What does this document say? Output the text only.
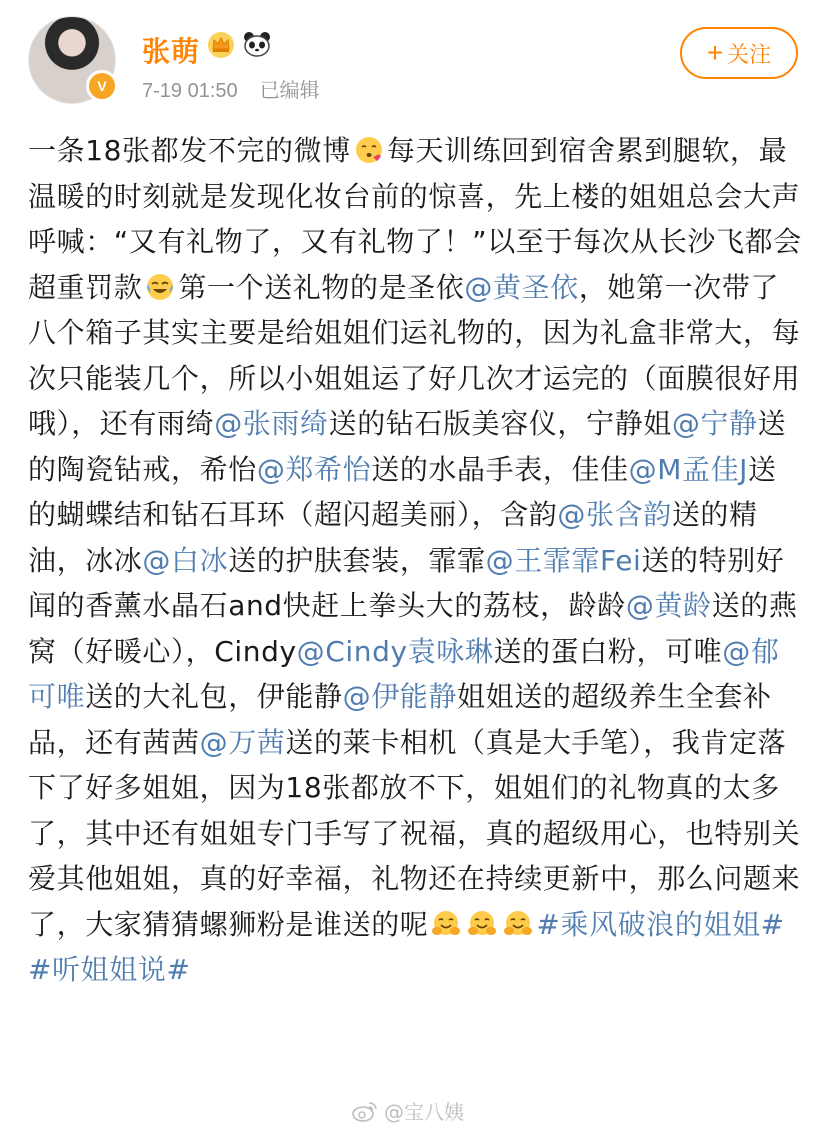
V
张萌
7-19 01:50 已编辑
+ 关注
一条18张都发不完的微博 每天训练回到宿舍累到腿软，最温暖的时刻就是发现化妆台前的惊喜，先上楼的姐姐总会大声呼喊：“又有礼物了，又有礼物了！”以至于每次从长沙飞都会超重罚款 第一个送礼物的是圣依@黄圣依，她第一次带了八个箱子其实主要是给姐姐们运礼物的，因为礼盒非常大，每次只能装几个，所以小姐姐运了好几次才运完的（面膜很好用哦），还有雨绮@张雨绮送的钻石版美容仪，宁静姐@宁静送的陶瓷钻戒，希怡@郑希怡送的水晶手表，佳佳@M孟佳J送的蝴蝶结和钻石耳环（超闪超美丽），含韵@张含韵送的精油，冰冰@白冰送的护肤套装，霏霏@王霏霏Fei送的特别好闻的香薰水晶石and快赶上拳头大的荔枝，龄龄@黄龄送的燕窝（好暖心），Cindy@Cindy袁咏琳送的蛋白粉，可唯@郁可唯送的大礼包，伊能静@伊能静姐姐送的超级养生全套补品，还有茜茜@万茜送的莱卡相机（真是大手笔），我肯定落下了好多姐姐，因为18张都放不下，姐姐们的礼物真的太多了，其中还有姐姐专门手写了祝福，真的超级用心，也特别关爱其他姐姐，真的好幸福，礼物还在持续更新中，那么问题来了，大家猜猜螺狮粉是谁送的呢	#乘风破浪的姐姐##听姐姐说#
@宝八姨
